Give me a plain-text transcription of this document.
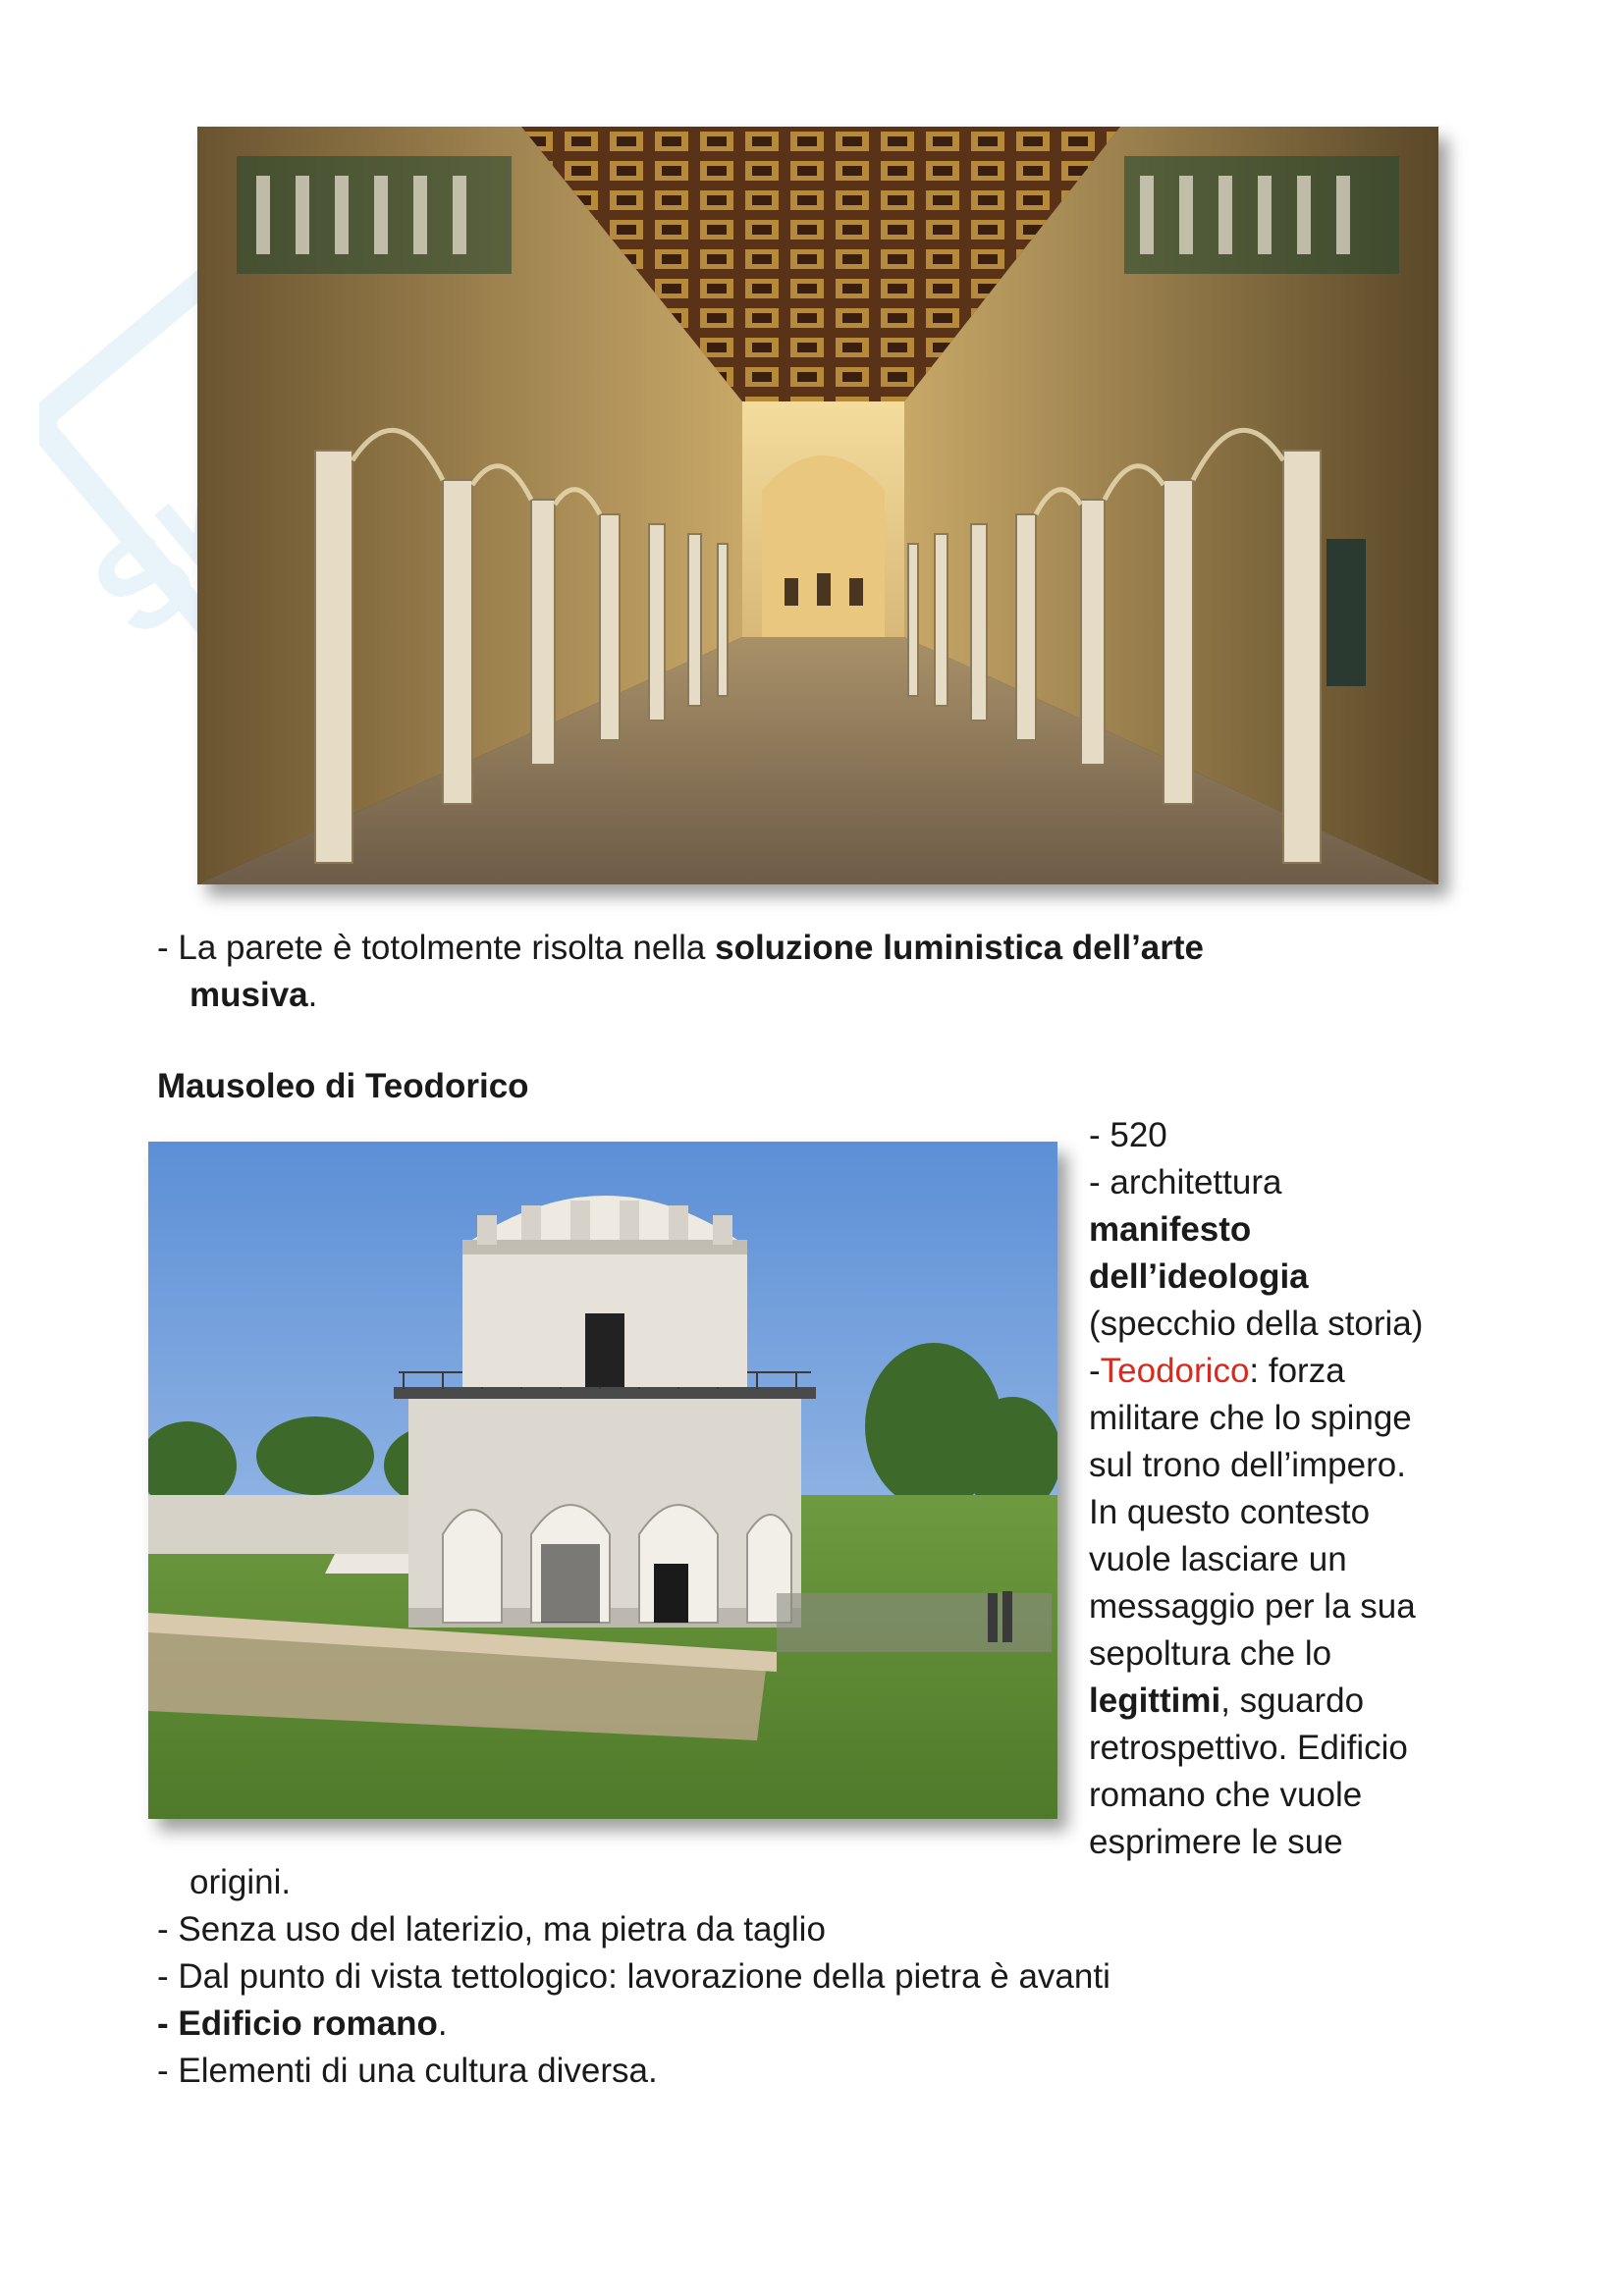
- La parete è totolmente risolta nella soluzione luministica dell’arte
musiva.

Mausoleo di Teodorico

- 520
- architettura
manifesto
dell’ideologia
(specchio della storia)
-Teodorico: forza
militare che lo spinge
sul trono dell’impero.
In questo contesto
vuole lasciare un
messaggio per la sua
sepoltura che lo
legittimi, sguardo
retrospettivo. Edificio
romano che vuole
esprimere le sue
origini.
- Senza uso del laterizio, ma pietra da taglio
- Dal punto di vista tettologico: lavorazione della pietra è avanti
- Edificio romano.
- Elementi di una cultura diversa.
